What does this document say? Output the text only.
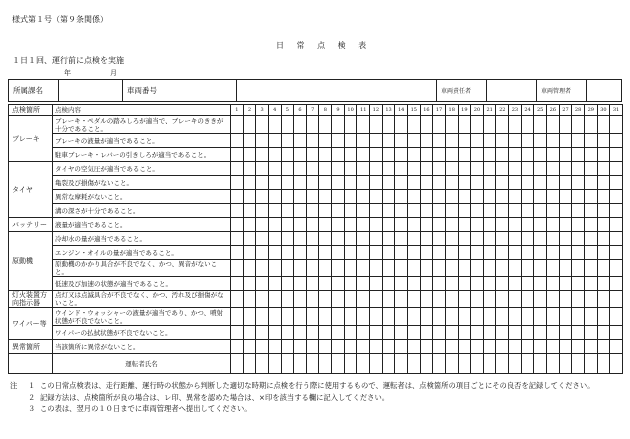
様式第１号（第９条関係）
日 常 点 検 表
１日１回、運行前に点検を実施
年	月
所属課名	車両番号	車両責任者	車両管理者
点検箇所	点検内容	1	2	3	4	5	6	7	8	9	10	11	12	13	14	15	16	17	18	19	20	21	22	23	24	25	26	27	28	29	30	31
ブレーキ	ブレーキ・ペダルの踏みしろが適当で、ブレーキのききが十分であること。																															
	ブレーキの液量が適当であること。																															
	駐車ブレーキ・レバーの引きしろが適当であること。																															
タイヤ	タイヤの空気圧が適当であること。																															
	亀裂及び損傷がないこと。																															
	異常な摩耗がないこと。																															
	溝の深さが十分であること。																															
バッテリー	液量が適当であること。																															
原動機	冷却水の量が適当であること。																															
	エンジン・オイルの量が適当であること。																															
	原動機のかかり具合が不良でなく、かつ、異音がないこと。																															
	低速及び加速の状態が適当であること。																															
灯火装置方向指示器	点灯又は点滅具合が不良でなく、かつ、汚れ及び損傷がないこと。																															
ワイパー等	ウインド・ウォッシャーの液量が適当であり、かつ、噴射状態が不良でないこと。																															
	ワイパーの払拭状態が不良でないこと。																															
異常箇所	当該箇所に異常がないこと。																															
	運転者氏名																															
注 １ この日常点検表は、走行距離、運行時の状態から判断した適切な時期に点検を行う際に使用するもので、運転者は、点検箇所の項目ごとにその良否を記録してください。
２ 記録方法は、点検箇所が良の場合は、レ印、異常を認めた場合は、×印を該当する欄に記入してください。
３ この表は、翌月の１０日までに車両管理者へ提出してください。
